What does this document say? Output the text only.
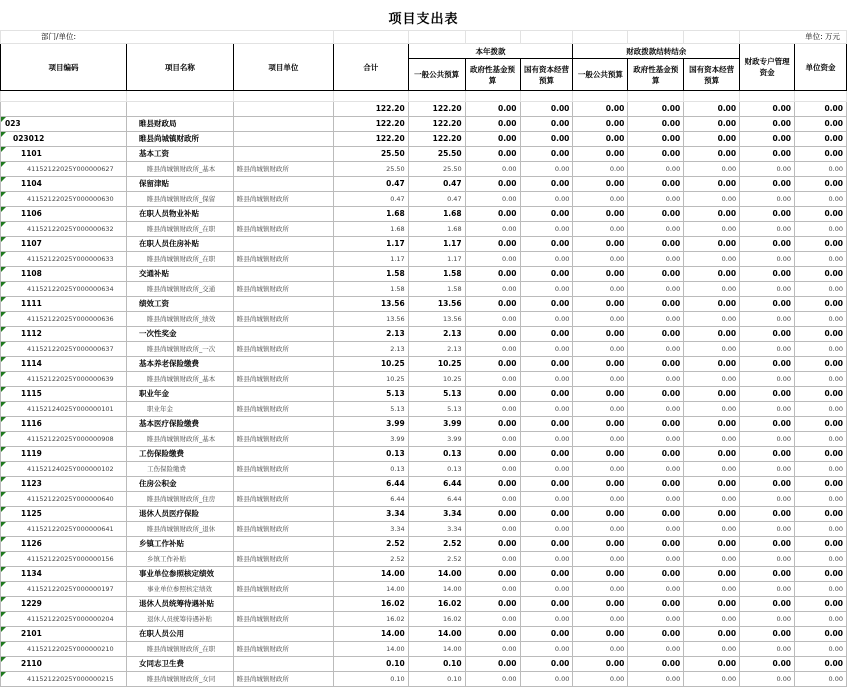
项目支出表
部门/单位:										单位: 万元	
项目编码	项目名称	项目单位	合计	本年拨款			财政拨款结转结余			财政专户管理资金	单位资金
				一般公共预算	政府性基金预算	国有资本经营预算	一般公共预算	政府性基金预算	国有资本经营预算		

			122.20	122.20	0.00	0.00	0.00	0.00	0.00	0.00	0.00
023	睢县财政局		122.20	122.20	0.00	0.00	0.00	0.00	0.00	0.00	0.00
023012	睢县尚城镇财政所		122.20	122.20	0.00	0.00	0.00	0.00	0.00	0.00	0.00
1101	基本工资		25.50	25.50	0.00	0.00	0.00	0.00	0.00	0.00	0.00
41152122025Y000000627	睢县尚城镇财政所_基本	睢县尚城镇财政所	25.50	25.50	0.00	0.00	0.00	0.00	0.00	0.00	0.00
1104	保留津贴		0.47	0.47	0.00	0.00	0.00	0.00	0.00	0.00	0.00
41152122025Y000000630	睢县尚城镇财政所_保留	睢县尚城镇财政所	0.47	0.47	0.00	0.00	0.00	0.00	0.00	0.00	0.00
1106	在职人员物业补贴		1.68	1.68	0.00	0.00	0.00	0.00	0.00	0.00	0.00
41152122025Y000000632	睢县尚城镇财政所_在职	睢县尚城镇财政所	1.68	1.68	0.00	0.00	0.00	0.00	0.00	0.00	0.00
1107	在职人员住房补贴		1.17	1.17	0.00	0.00	0.00	0.00	0.00	0.00	0.00
41152122025Y000000633	睢县尚城镇财政所_在职	睢县尚城镇财政所	1.17	1.17	0.00	0.00	0.00	0.00	0.00	0.00	0.00
1108	交通补贴		1.58	1.58	0.00	0.00	0.00	0.00	0.00	0.00	0.00
41152122025Y000000634	睢县尚城镇财政所_交通	睢县尚城镇财政所	1.58	1.58	0.00	0.00	0.00	0.00	0.00	0.00	0.00
1111	绩效工资		13.56	13.56	0.00	0.00	0.00	0.00	0.00	0.00	0.00
41152122025Y000000636	睢县尚城镇财政所_绩效	睢县尚城镇财政所	13.56	13.56	0.00	0.00	0.00	0.00	0.00	0.00	0.00
1112	一次性奖金		2.13	2.13	0.00	0.00	0.00	0.00	0.00	0.00	0.00
41152122025Y000000637	睢县尚城镇财政所_一次	睢县尚城镇财政所	2.13	2.13	0.00	0.00	0.00	0.00	0.00	0.00	0.00
1114	基本养老保险缴费		10.25	10.25	0.00	0.00	0.00	0.00	0.00	0.00	0.00
41152122025Y000000639	睢县尚城镇财政所_基本	睢县尚城镇财政所	10.25	10.25	0.00	0.00	0.00	0.00	0.00	0.00	0.00
1115	职业年金		5.13	5.13	0.00	0.00	0.00	0.00	0.00	0.00	0.00
41152124025Y000000101	职业年金	睢县尚城镇财政所	5.13	5.13	0.00	0.00	0.00	0.00	0.00	0.00	0.00
1116	基本医疗保险缴费		3.99	3.99	0.00	0.00	0.00	0.00	0.00	0.00	0.00
41152122025Y000000908	睢县尚城镇财政所_基本	睢县尚城镇财政所	3.99	3.99	0.00	0.00	0.00	0.00	0.00	0.00	0.00
1119	工伤保险缴费		0.13	0.13	0.00	0.00	0.00	0.00	0.00	0.00	0.00
41152124025Y000000102	工伤保险缴费	睢县尚城镇财政所	0.13	0.13	0.00	0.00	0.00	0.00	0.00	0.00	0.00
1123	住房公积金		6.44	6.44	0.00	0.00	0.00	0.00	0.00	0.00	0.00
41152122025Y000000640	睢县尚城镇财政所_住房	睢县尚城镇财政所	6.44	6.44	0.00	0.00	0.00	0.00	0.00	0.00	0.00
1125	退休人员医疗保险		3.34	3.34	0.00	0.00	0.00	0.00	0.00	0.00	0.00
41152122025Y000000641	睢县尚城镇财政所_退休	睢县尚城镇财政所	3.34	3.34	0.00	0.00	0.00	0.00	0.00	0.00	0.00
1126	乡镇工作补贴		2.52	2.52	0.00	0.00	0.00	0.00	0.00	0.00	0.00
41152122025Y000000156	乡镇工作补贴	睢县尚城镇财政所	2.52	2.52	0.00	0.00	0.00	0.00	0.00	0.00	0.00
1134	事业单位参照核定绩效		14.00	14.00	0.00	0.00	0.00	0.00	0.00	0.00	0.00
41152122025Y000000197	事业单位参照核定绩效	睢县尚城镇财政所	14.00	14.00	0.00	0.00	0.00	0.00	0.00	0.00	0.00
1229	退休人员统筹待遇补贴		16.02	16.02	0.00	0.00	0.00	0.00	0.00	0.00	0.00
41152122025Y000000204	退休人员统筹待遇补贴	睢县尚城镇财政所	16.02	16.02	0.00	0.00	0.00	0.00	0.00	0.00	0.00
2101	在职人员公用		14.00	14.00	0.00	0.00	0.00	0.00	0.00	0.00	0.00
41152122025Y000000210	睢县尚城镇财政所_在职	睢县尚城镇财政所	14.00	14.00	0.00	0.00	0.00	0.00	0.00	0.00	0.00
2110	女同志卫生费		0.10	0.10	0.00	0.00	0.00	0.00	0.00	0.00	0.00
41152122025Y000000215	睢县尚城镇财政所_女同	睢县尚城镇财政所	0.10	0.10	0.00	0.00	0.00	0.00	0.00	0.00	0.00
